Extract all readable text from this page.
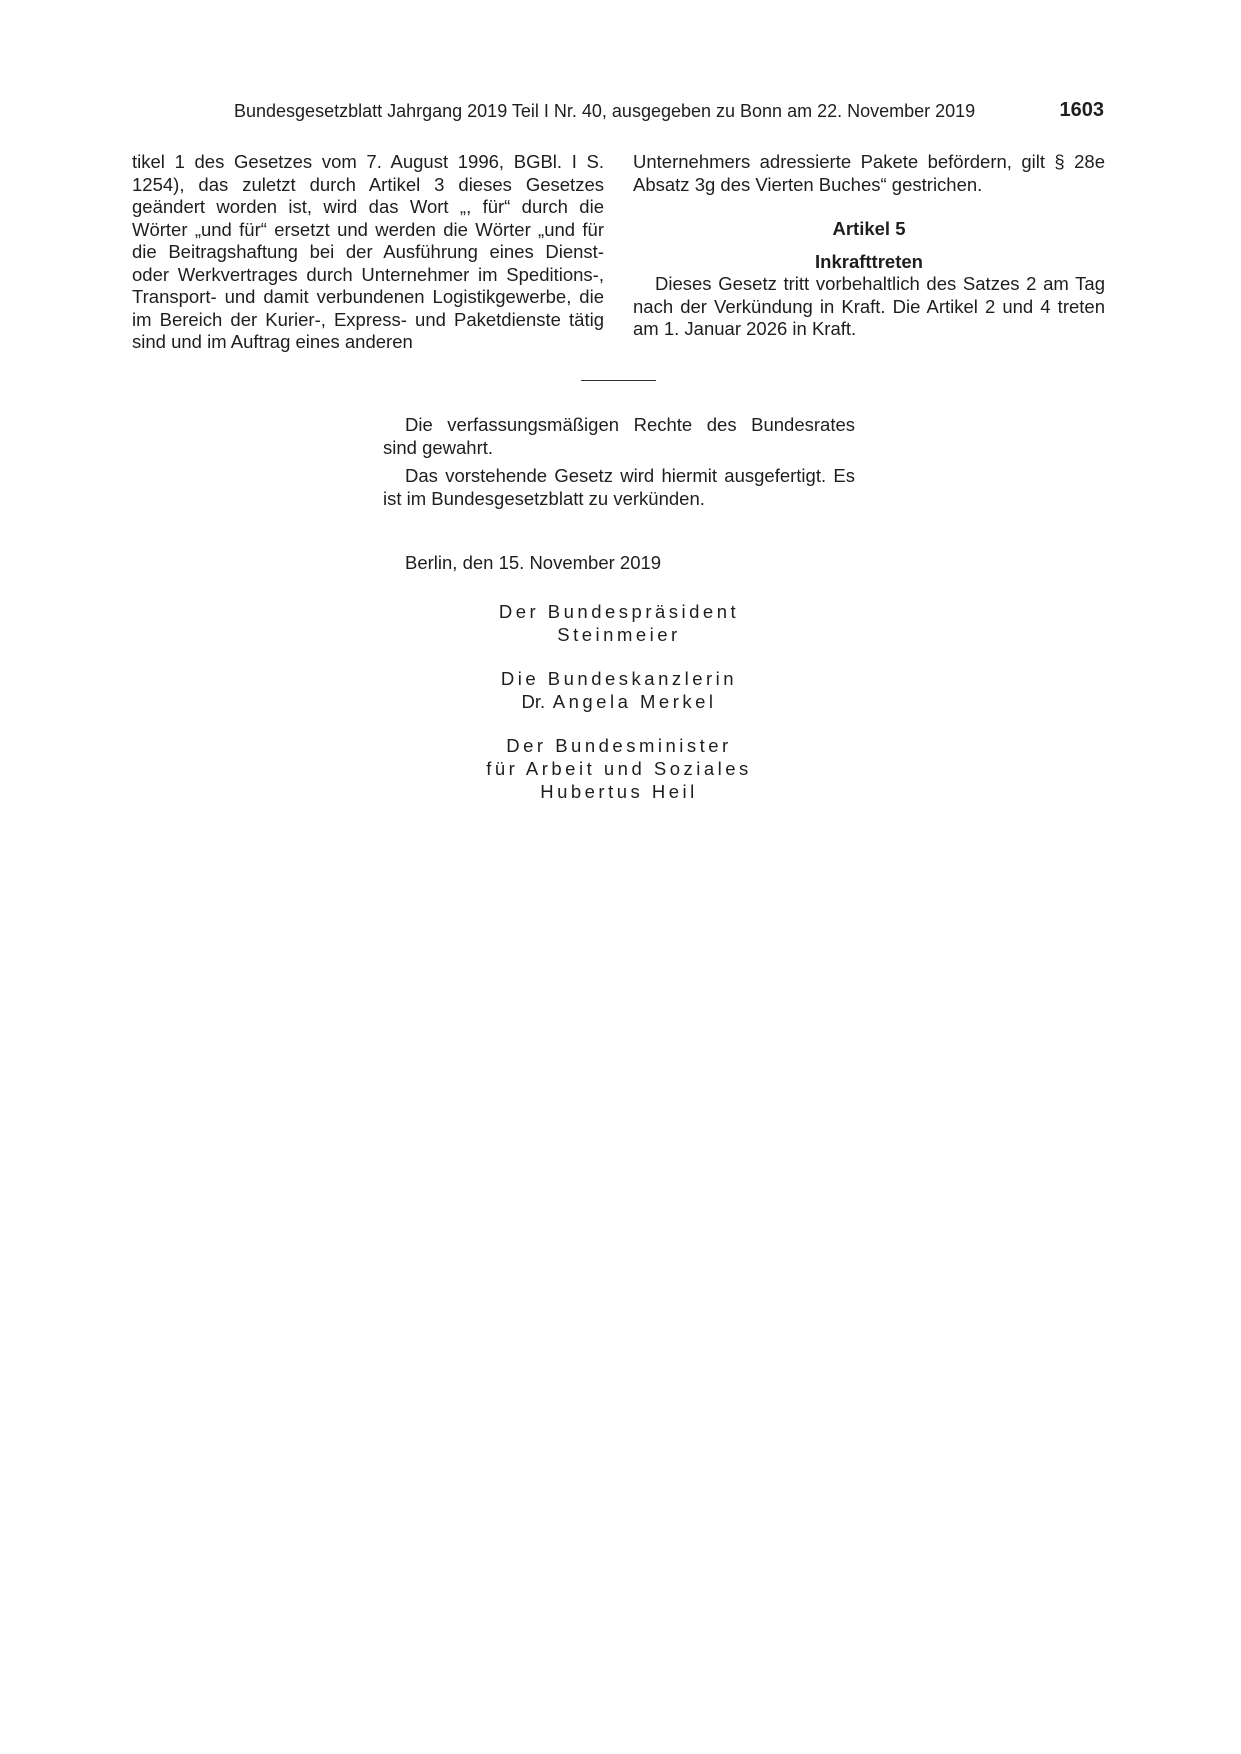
Bundesgesetzblatt Jahrgang 2019 Teil I Nr. 40, ausgegeben zu Bonn am 22. November 2019	1603

tikel 1 des Gesetzes vom 7. August 1996, BGBl. I S. 1254), das zuletzt durch Artikel 3 dieses Gesetzes geändert worden ist, wird das Wort „, für“ durch die Wörter „und für“ ersetzt und werden die Wörter „und für die Beitragshaftung bei der Ausführung eines Dienst- oder Werkvertrages durch Unternehmer im Speditions-, Transport- und damit verbundenen Logistikgewerbe, die im Bereich der Kurier-, Express- und Paketdienste tätig sind und im Auftrag eines anderen

Unternehmers adressierte Pakete befördern, gilt § 28e Absatz 3g des Vierten Buches“ gestrichen.

Artikel 5
Inkrafttreten

Dieses Gesetz tritt vorbehaltlich des Satzes 2 am Tag nach der Verkündung in Kraft. Die Artikel 2 und 4 treten am 1. Januar 2026 in Kraft.

Die verfassungsmäßigen Rechte des Bundesrates sind gewahrt.

Das vorstehende Gesetz wird hiermit ausgefertigt. Es ist im Bundesgesetzblatt zu verkünden.

Berlin, den 15. November 2019

Der Bundespräsident
Steinmeier
Die Bundeskanzlerin
Dr. Angela Merkel
Der Bundesminister
für Arbeit und Soziales
Hubertus Heil
